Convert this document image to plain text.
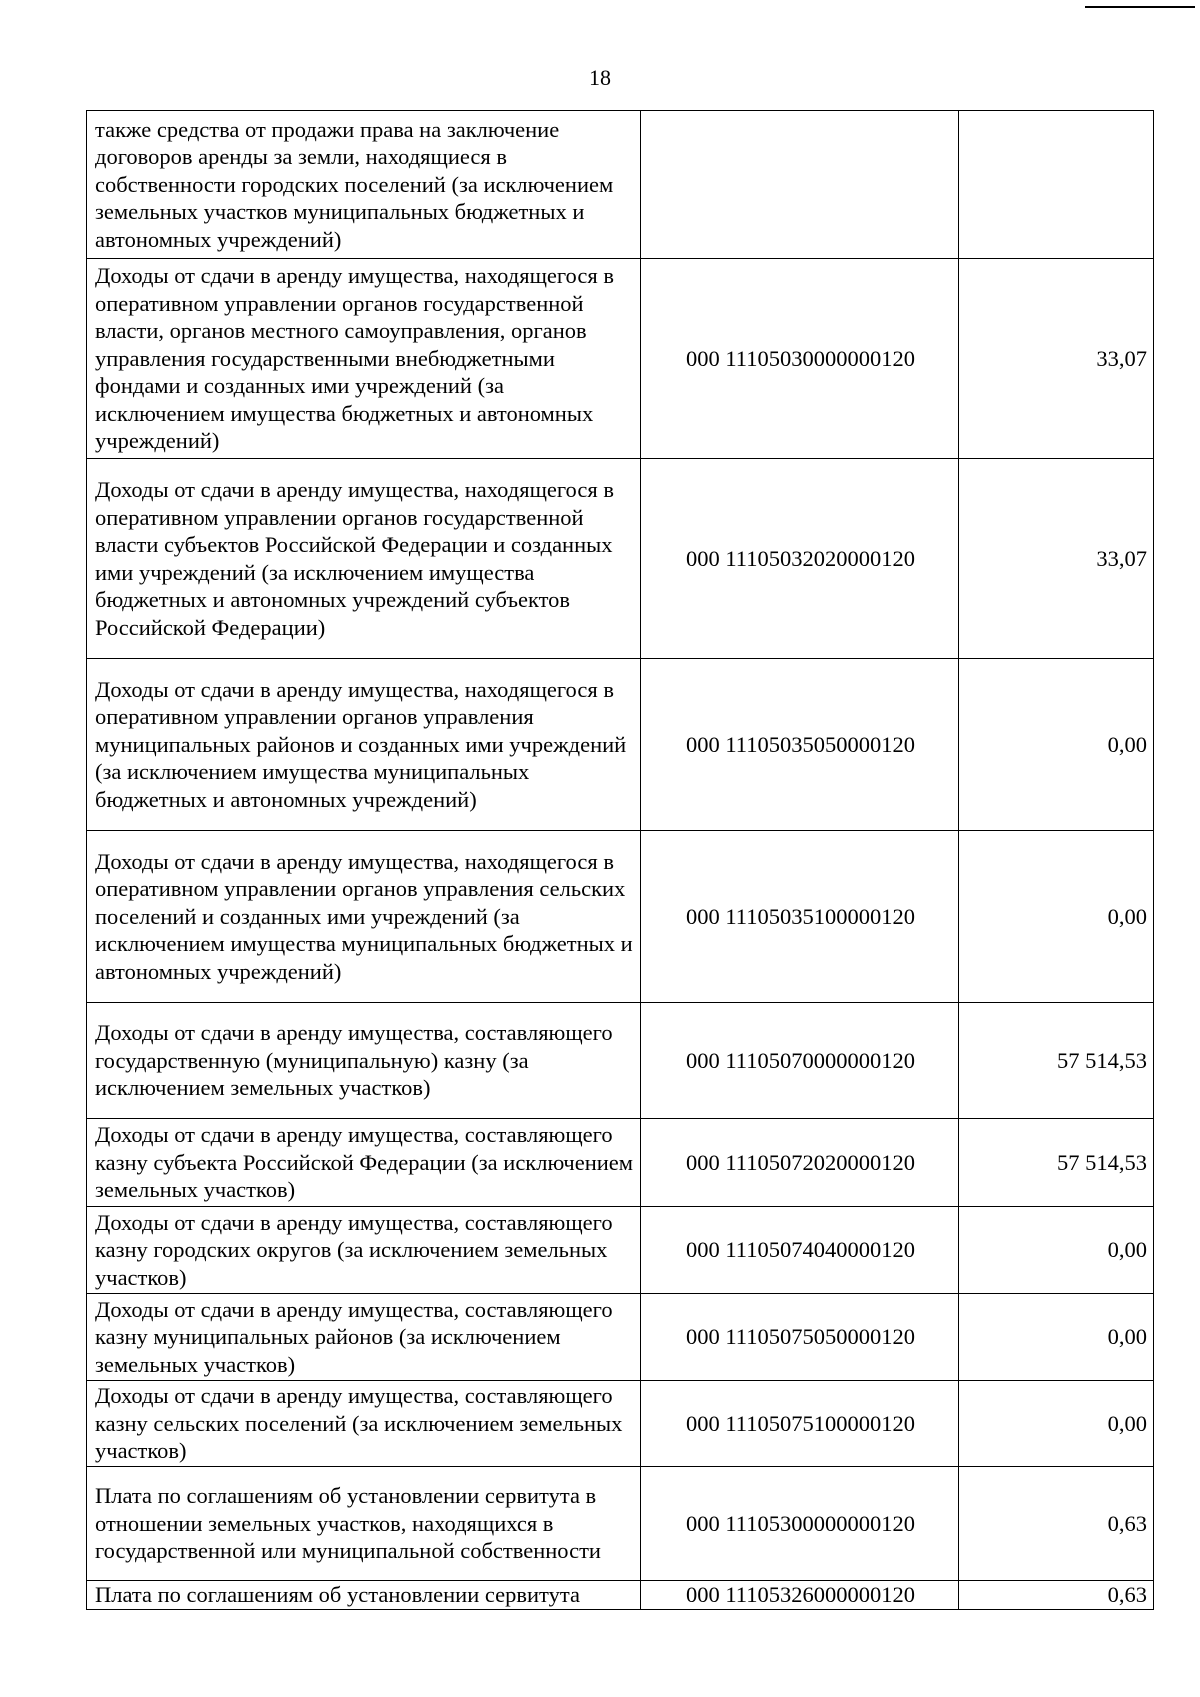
18
также средства от продажи права на заключение договоров аренды за земли, находящиеся в собственности городских поселений (за исключением земельных участков муниципальных бюджетных и автономных учреждений)		
Доходы от сдачи в аренду имущества, находящегося в оперативном управлении органов государственной власти, органов местного самоуправления, органов управления государственными внебюджетными фондами и созданных ими учреждений (за исключением имущества бюджетных и автономных учреждений)	000 11105030000000120	33,07
Доходы от сдачи в аренду имущества, находящегося в оперативном управлении органов государственной власти субъектов Российской Федерации и созданных ими учреждений (за исключением имущества бюджетных и автономных учреждений субъектов Российской Федерации)	000 11105032020000120	33,07
Доходы от сдачи в аренду имущества, находящегося в оперативном управлении органов управления муниципальных районов и созданных ими учреждений (за исключением имущества муниципальных бюджетных и автономных учреждений)	000 11105035050000120	0,00
Доходы от сдачи в аренду имущества, находящегося в оперативном управлении органов управления сельских поселений и созданных ими учреждений (за исключением имущества муниципальных бюджетных и автономных учреждений)	000 11105035100000120	0,00
Доходы от сдачи в аренду имущества, составляющего государственную (муниципальную) казну (за исключением земельных участков)	000 11105070000000120	57 514,53
Доходы от сдачи в аренду имущества, составляющего казну субъекта Российской Федерации (за исключением земельных участков)	000 11105072020000120	57 514,53
Доходы от сдачи в аренду имущества, составляющего казну городских округов (за исключением земельных участков)	000 11105074040000120	0,00
Доходы от сдачи в аренду имущества, составляющего казну муниципальных районов (за исключением земельных участков)	000 11105075050000120	0,00
Доходы от сдачи в аренду имущества, составляющего казну сельских поселений (за исключением земельных участков)	000 11105075100000120	0,00
Плата по соглашениям об установлении сервитута в отношении земельных участков, находящихся в государственной или муниципальной собственности	000 11105300000000120	0,63
Плата по соглашениям об установлении сервитута	000 11105326000000120	0,63
